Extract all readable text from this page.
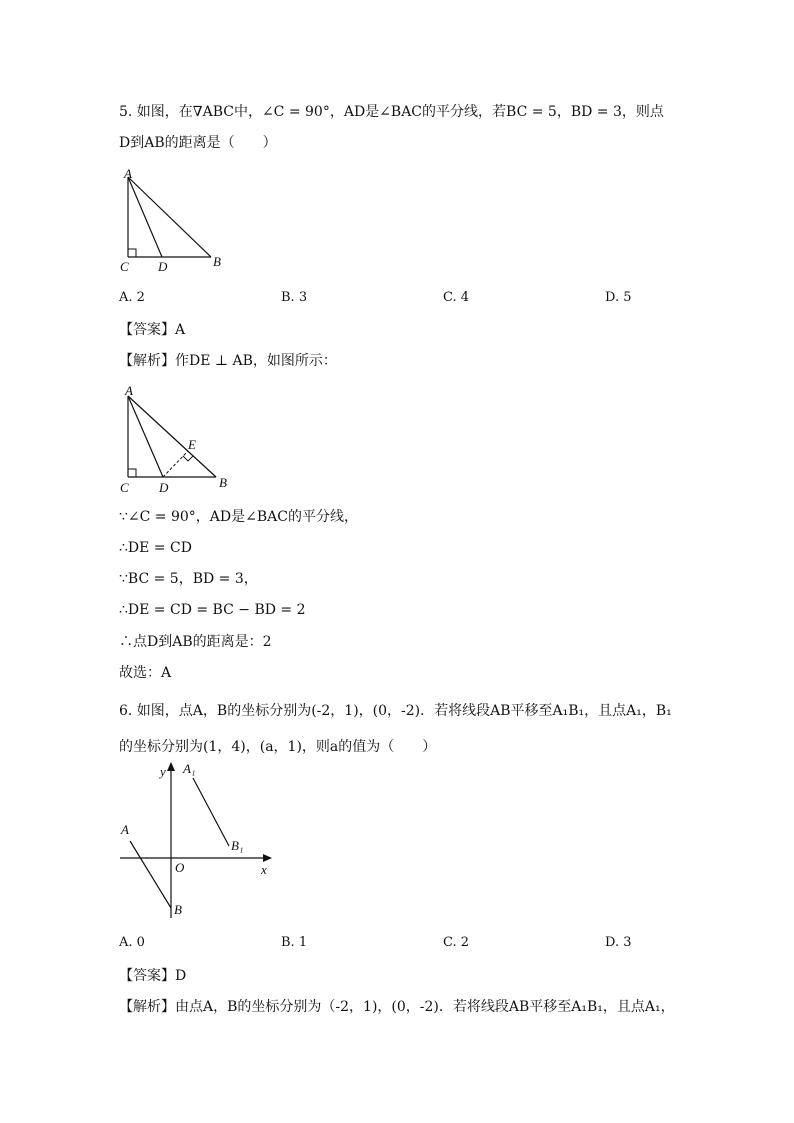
5. 如图，在∇ABC中，∠C = 90°，AD是∠BAC的平分线，若BC = 5，BD = 3，则点
D到AB的距离是（　　）
A
C D	B
A. 2	B. 3	C. 4	D. 5
【答案】A
【解析】作DE ⊥ AB，如图所示：
A
E
C D	B
∵∠C = 90°，AD是∠BAC的平分线，
∴DE = CD
∵BC = 5，BD = 3，
∴DE = CD = BC − BD = 2
∴点D到AB的距离是：2
故选：A
6. 如图，点A，B的坐标分别为(-2，1)，(0，-2)．若将线段AB平移至A₁B₁，且点A₁，B₁
的坐标分别为(1，4)，(a，1)，则a的值为（　　）
y
x
O
A
B
A₁
B₁
A. 0	B. 1	C. 2	D. 3
【答案】D
【解析】由点A，B的坐标分别为（-2，1)，(0，-2)．若将线段AB平移至A₁B₁，且点A₁，
